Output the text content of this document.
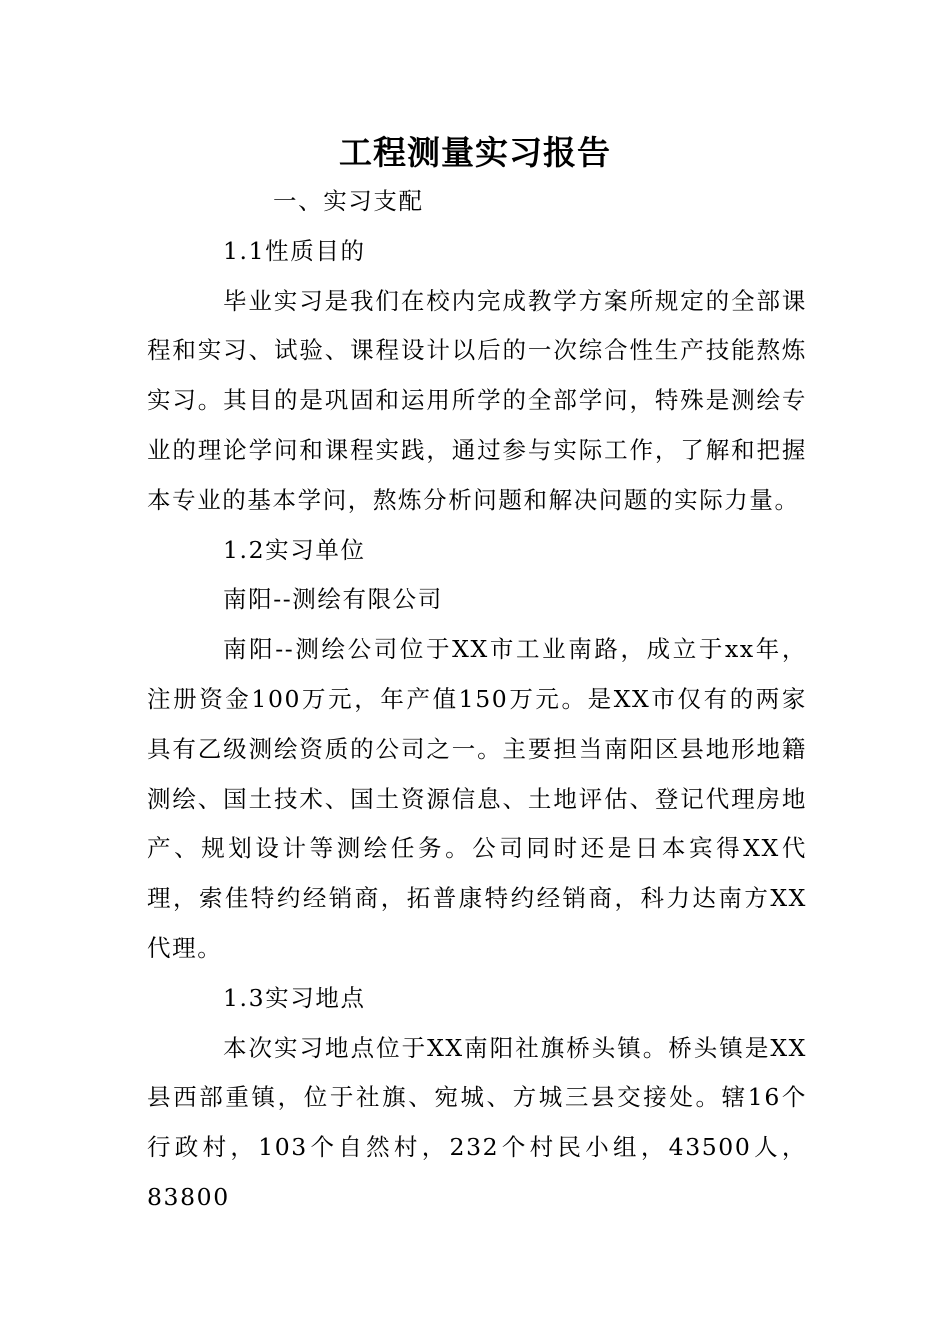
工程测量实习报告

一、实习支配

1.1性质目的

毕业实习是我们在校内完成教学方案所规定的全部课程和实习、试验、课程设计以后的一次综合性生产技能熬炼实习。其目的是巩固和运用所学的全部学问，特殊是测绘专业的理论学问和课程实践，通过参与实际工作，了解和把握本专业的基本学问，熬炼分析问题和解决问题的实际力量。

1.2实习单位

南阳--测绘有限公司

南阳--测绘公司位于XX市工业南路，成立于xx年，注册资金100万元，年产值150万元。是XX市仅有的两家具有乙级测绘资质的公司之一。主要担当南阳区县地形地籍测绘、国土技术、国土资源信息、土地评估、登记代理房地产、规划设计等测绘任务。公司同时还是日本宾得XX代理，索佳特约经销商，拓普康特约经销商，科力达南方XX代理。

1.3实习地点

本次实习地点位于XX南阳社旗桥头镇。桥头镇是XX县西部重镇，位于社旗、宛城、方城三县交接处。辖16个行政村，103个自然村，232个村民小组，43500人，83800
